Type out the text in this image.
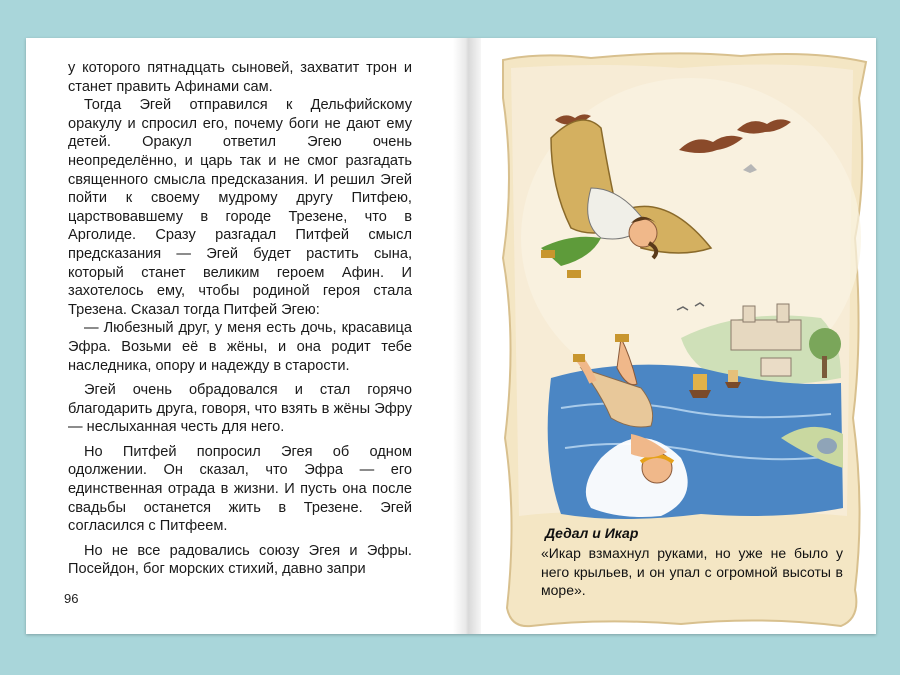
у которого пятнадцать сыновей, захватит трон и станет править Афинами сам.

Тогда Эгей отправился к Дельфийскому оракулу и спросил его, почему боги не дают ему детей. Оракул ответил Эгею очень неопределённо, и царь так и не смог разгадать священного смысла предсказания. И решил Эгей пойти к своему мудрому другу Питфею, царствовавшему в городе Трезене, что в Арголиде. Сразу разгадал Питфей смысл предсказания — Эгей будет растить сына, который станет великим героем Афин. И захотелось ему, чтобы родиной героя стала Трезена. Сказал тогда Питфей Эгею:

— Любезный друг, у меня есть дочь, красавица Эфра. Возьми её в жёны, и она родит тебе наследника, опору и надежду в старости.

Эгей очень обрадовался и стал горячо благодарить друга, говоря, что взять в жёны Эфру — неслыханная честь для него.

Но Питфей попросил Эгея об одном одолжении. Он сказал, что Эфра — его единственная отрада в жизни. И пусть она после свадьбы останется жить в Трезене. Эгей согласился с Питфеем.

Но не все радовались союзу Эгея и Эфры. Посейдон, бог морских стихий, давно запри

96
Дедал и Икар
«Икар взмахнул руками, но уже не было у него крыльев, и он упал с огромной высоты в море».
